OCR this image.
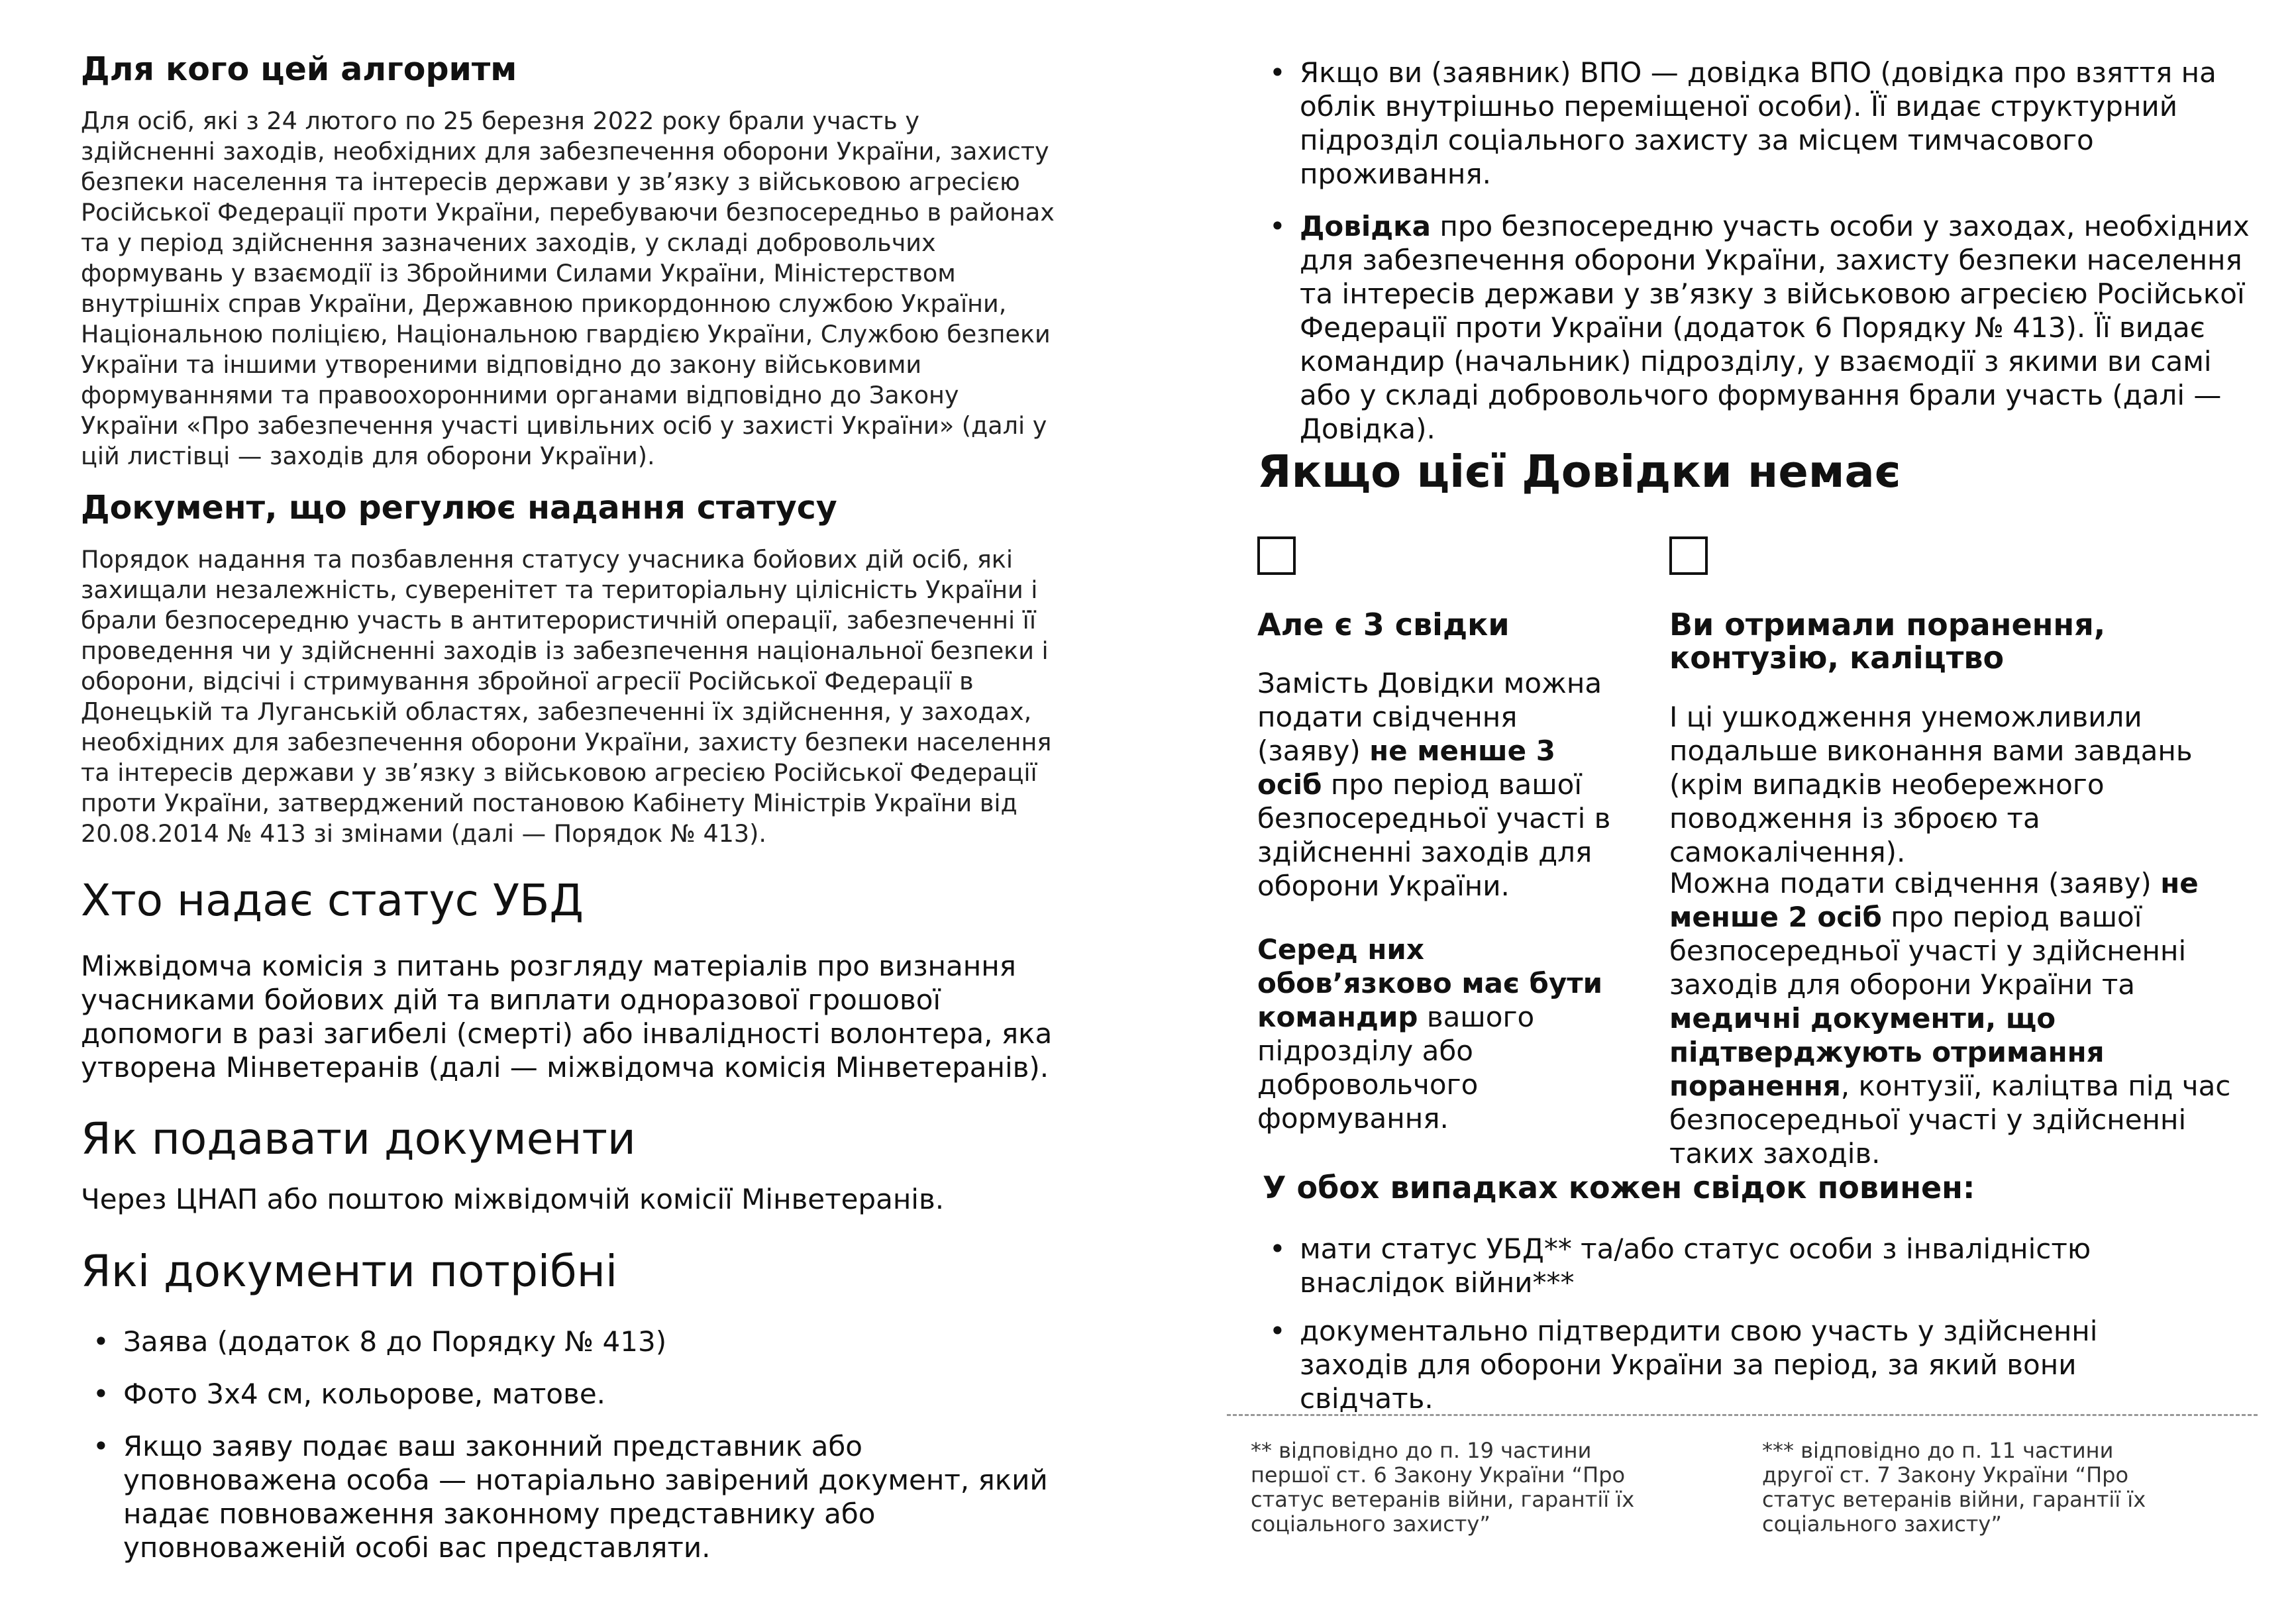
Для кого цей алгоритм

Для осіб, які з 24 лютого по 25 березня 2022 року брали участь у здійсненні заходів, необхідних для забезпечення оборони України, захисту безпеки населення та інтересів держави у зв’язку з військовою агресією Російської Федерації проти України, перебуваючи безпосередньо в районах та у період здійснення зазначених заходів, у складі добровольчих формувань у взаємодії із Збройними Силами України, Міністерством внутрішніх справ України, Державною прикордонною службою України, Національною поліцією, Національною гвардією України, Службою безпеки України та іншими утвореними відповідно до закону військовими формуваннями та правоохоронними органами відповідно до Закону України «Про забезпечення участі цивільних осіб у захисті України» (далі у цій листівці — заходів для оборони України).

Документ, що регулює надання статусу

Порядок надання та позбавлення статусу учасника бойових дій осіб, які захищали незалежність, суверенітет та територіальну цілісність України і брали безпосередню участь в антитерористичній операції, забезпеченні її проведення чи у здійсненні заходів із забезпечення національної безпеки і оборони, відсічі і стримування збройної агресії Російської Федерації в Донецькій та Луганській областях, забезпеченні їх здійснення, у заходах, необхідних для забезпечення оборони України, захисту безпеки населення та інтересів держави у зв’язку з військовою агресією Російської Федерації проти України, затверджений постановою Кабінету Міністрів України від 20.08.2014 № 413 зі змінами (далі — Порядок № 413).

Хто надає статус УБД

Міжвідомча комісія з питань розгляду матеріалів про визнання учасниками бойових дій та виплати одноразової грошової допомоги в разі загибелі (смерті) або інвалідності волонтера, яка утворена Мінветеранів (далі — міжвідомча комісія Мінветеранів).

Як подавати документи

Через ЦНАП або поштою міжвідомчій комісії Мінветеранів.

Які документи потрібні
• Заява (додаток 8 до Порядку № 413)
• Фото 3х4 см, кольорове, матове.
• Якщо заяву подає ваш законний представник або уповноважена особа — нотаріально завірений документ, який надає повноваження законному представнику або уповноваженій особі вас представляти.
• Якщо ви (заявник) ВПО — довідка ВПО (довідка про взяття на облік внутрішньо переміщеної особи). Її видає структурний підрозділ соціального захисту за місцем тимчасового проживання.
• Довідка про безпосередню участь особи у заходах, необхідних для забезпечення оборони України, захисту безпеки населення та інтересів держави у зв’язку з військовою агресією Російської Федерації проти України (додаток 6 Порядку № 413). Її видає командир (начальник) підрозділу, у взаємодії з якими ви самі або у складі добровольчого формування брали участь (далі — Довідка).
Якщо цієї Довідки немає
Але є 3 свідки

Замість Довідки можна подати свідчення (заяву) не менше 3 осіб про період вашої безпосередньої участі в здійсненні заходів для оборони України.

Серед них обов’язково має бути командир вашого підрозділу або добровольчого формування.

Ви отримали поранення, контузію, каліцтво

І ці ушкодження унеможливили подальше виконання вами завдань (крім випадків необережного поводження із зброєю та самокалічення).

Можна подати свідчення (заяву) не менше 2 осіб про період вашої безпосередньої участі у здійсненні заходів для оборони України та медичні документи, що підтверджують отримання поранення, контузії, каліцтва під час безпосередньої участі у здійсненні таких заходів.

У обох випадках кожен свідок повинен:
• мати статус УБД** та/або статус особи з інвалідністю внаслідок війни***
• документально підтвердити свою участь у здійсненні заходів для оборони України за період, за який вони свідчать.
** відповідно до п. 19 частини першої ст. 6 Закону України “Про статус ветеранів війни, гарантії їх соціального захисту”
*** відповідно до п. 11 частини другої ст. 7 Закону України “Про статус ветеранів війни, гарантії їх соціального захисту”
